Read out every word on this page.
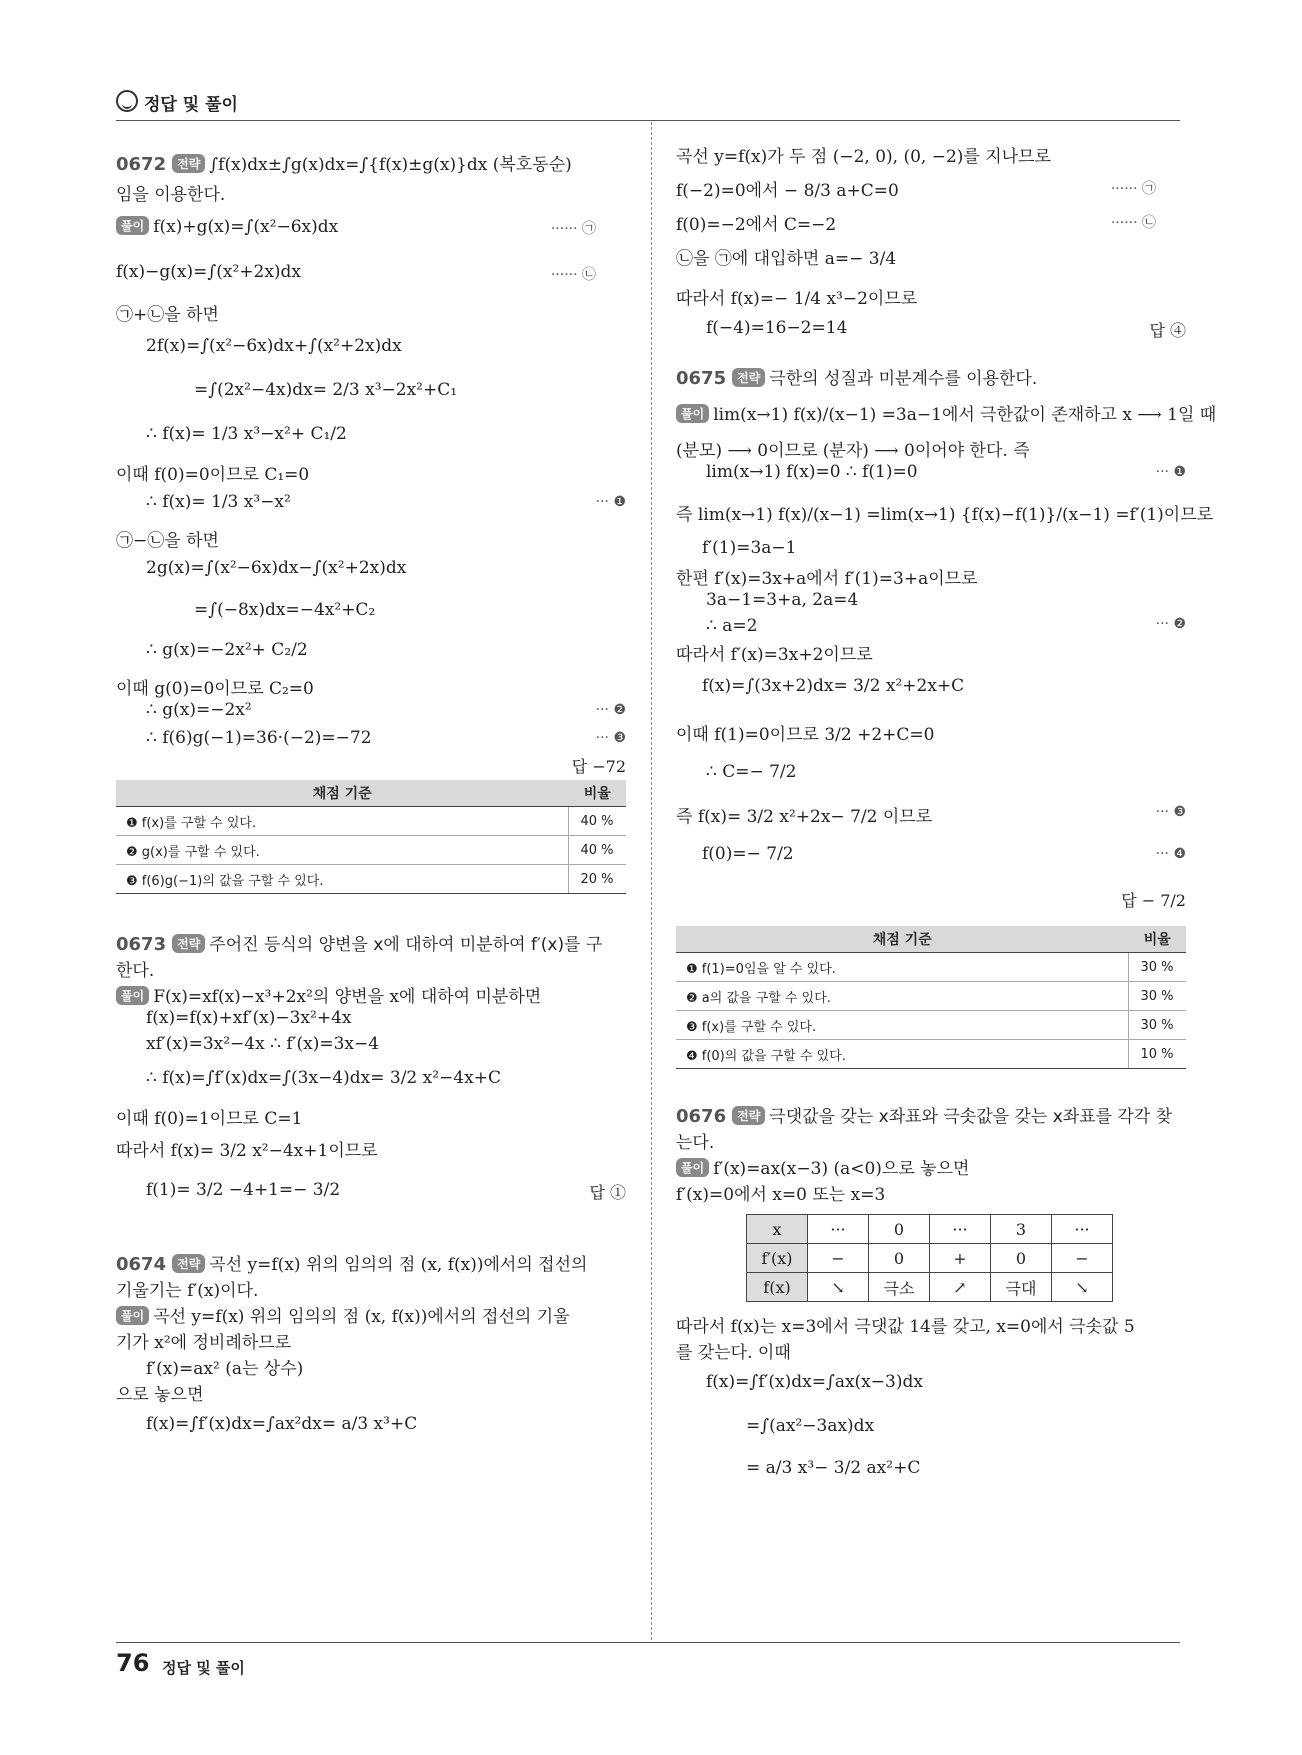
정답 및 풀이
0672 전략 ∫f(x)dx±∫g(x)dx=∫{f(x)±g(x)}dx (복호동순)
임을 이용한다.
풀이 f(x)+g(x)=∫(x²−6x)dx	······ ㉠
f(x)−g(x)=∫(x²+2x)dx	······ ㉡
㉠+㉡을 하면
2f(x)=∫(x²−6x)dx+∫(x²+2x)dx
=∫(2x²−4x)dx= 2/3 x³−2x²+C₁
∴ f(x)= 1/3 x³−x²+ C₁/2
이때 f(0)=0이므로 C₁=0
∴ f(x)= 1/3 x³−x²	··· ❶
㉠−㉡을 하면
2g(x)=∫(x²−6x)dx−∫(x²+2x)dx
=∫(−8x)dx=−4x²+C₂
∴ g(x)=−2x²+ C₂/2
이때 g(0)=0이므로 C₂=0
∴ g(x)=−2x²	··· ❷
∴ f(6)g(−1)=36·(−2)=−72	··· ❸
답 −72
채점 기준	비율
❶ f(x)를 구할 수 있다.	40 %
❷ g(x)를 구할 수 있다.	40 %
❸ f(6)g(−1)의 값을 구할 수 있다.	20 %
0673 전략 주어진 등식의 양변을 x에 대하여 미분하여 f′(x)를 구
한다.
풀이 F(x)=xf(x)−x³+2x²의 양변을 x에 대하여 미분하면
f(x)=f(x)+xf′(x)−3x²+4x
xf′(x)=3x²−4x ∴ f′(x)=3x−4
∴ f(x)=∫f′(x)dx=∫(3x−4)dx= 3/2 x²−4x+C
이때 f(0)=1이므로 C=1
따라서 f(x)= 3/2 x²−4x+1이므로
f(1)= 3/2 −4+1=− 3/2	답 ①
0674 전략 곡선 y=f(x) 위의 임의의 점 (x, f(x))에서의 접선의
기울기는 f′(x)이다.
풀이 곡선 y=f(x) 위의 임의의 점 (x, f(x))에서의 접선의 기울
기가 x²에 정비례하므로
f′(x)=ax² (a는 상수)
으로 놓으면
f(x)=∫f′(x)dx=∫ax²dx= a/3 x³+C
곡선 y=f(x)가 두 점 (−2, 0), (0, −2)를 지나므로
f(−2)=0에서 − 8/3 a+C=0	······ ㉠
f(0)=−2에서 C=−2	······ ㉡
㉡을 ㉠에 대입하면 a=− 3/4
따라서 f(x)=− 1/4 x³−2이므로
f(−4)=16−2=14	답 ④
0675 전략 극한의 성질과 미분계수를 이용한다.
풀이 lim(x→1) f(x)/(x−1) =3a−1에서 극한값이 존재하고 x ⟶ 1일 때
(분모) ⟶ 0이므로 (분자) ⟶ 0이어야 한다. 즉
lim(x→1) f(x)=0 ∴ f(1)=0	··· ❶
즉 lim(x→1) f(x)/(x−1) =lim(x→1) {f(x)−f(1)}/(x−1) =f′(1)이므로
f′(1)=3a−1
한편 f′(x)=3x+a에서 f′(1)=3+a이므로
3a−1=3+a, 2a=4
∴ a=2	··· ❷
따라서 f′(x)=3x+2이므로
f(x)=∫(3x+2)dx= 3/2 x²+2x+C
이때 f(1)=0이므로 3/2 +2+C=0
∴ C=− 7/2
즉 f(x)= 3/2 x²+2x− 7/2 이므로	··· ❸
f(0)=− 7/2	··· ❹
답 − 7/2
채점 기준	비율
❶ f(1)=0임을 알 수 있다.	30 %
❷ a의 값을 구할 수 있다.	30 %
❸ f(x)를 구할 수 있다.	30 %
❹ f(0)의 값을 구할 수 있다.	10 %
0676 전략 극댓값을 갖는 x좌표와 극솟값을 갖는 x좌표를 각각 찾
는다.
풀이 f′(x)=ax(x−3) (a<0)으로 놓으면
f′(x)=0에서 x=0 또는 x=3
x	···	0	···	3	···
f′(x)	−	0	+	0	−
f(x)	↘	극소	↗	극대	↘
따라서 f(x)는 x=3에서 극댓값 14를 갖고, x=0에서 극솟값 5
를 갖는다. 이때
f(x)=∫f′(x)dx=∫ax(x−3)dx
=∫(ax²−3ax)dx
= a/3 x³− 3/2 ax²+C
76 정답 및 풀이
